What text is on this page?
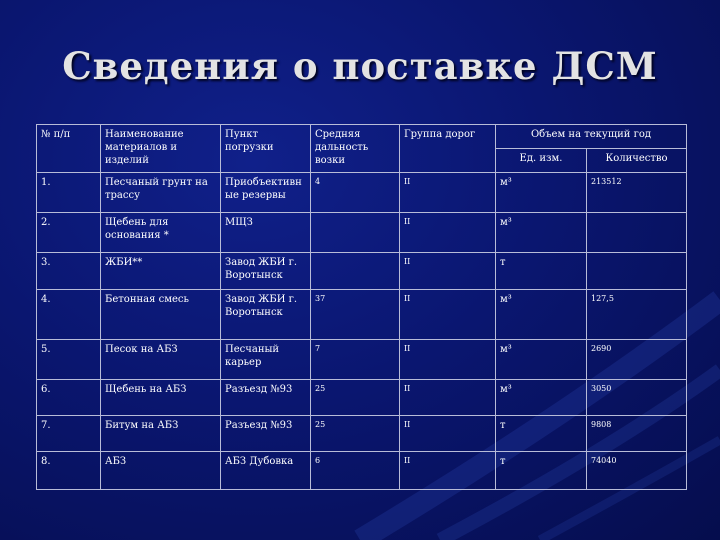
Сведения о поставке ДСМ
№ п/п	Наименование материалов и изделий	Пункт погрузки	Средняя дальность возки	Группа дорог	Объем на текущий год	
					Ед. изм.	Количество
1.	Песчаный грунт на трассу	Приобъективные резервы	4	II	м³	213512
2.	Щебень для основания *	МЩЗ		II	м³	
3.	ЖБИ**	Завод ЖБИ г. Воротынск		II	т	
4.	Бетонная смесь	Завод ЖБИ г. Воротынск	37	II	м³	127,5
5.	Песок на АБЗ	Песчаный карьер	7	II	м³	2690
6.	Щебень на АБЗ	Разъезд №93	25	II	м³	3050
7.	Битум на АБЗ	Разъезд №93	25	II	т	9808
8.	АБЗ	АБЗ Дубовка	6	II	т	74040
